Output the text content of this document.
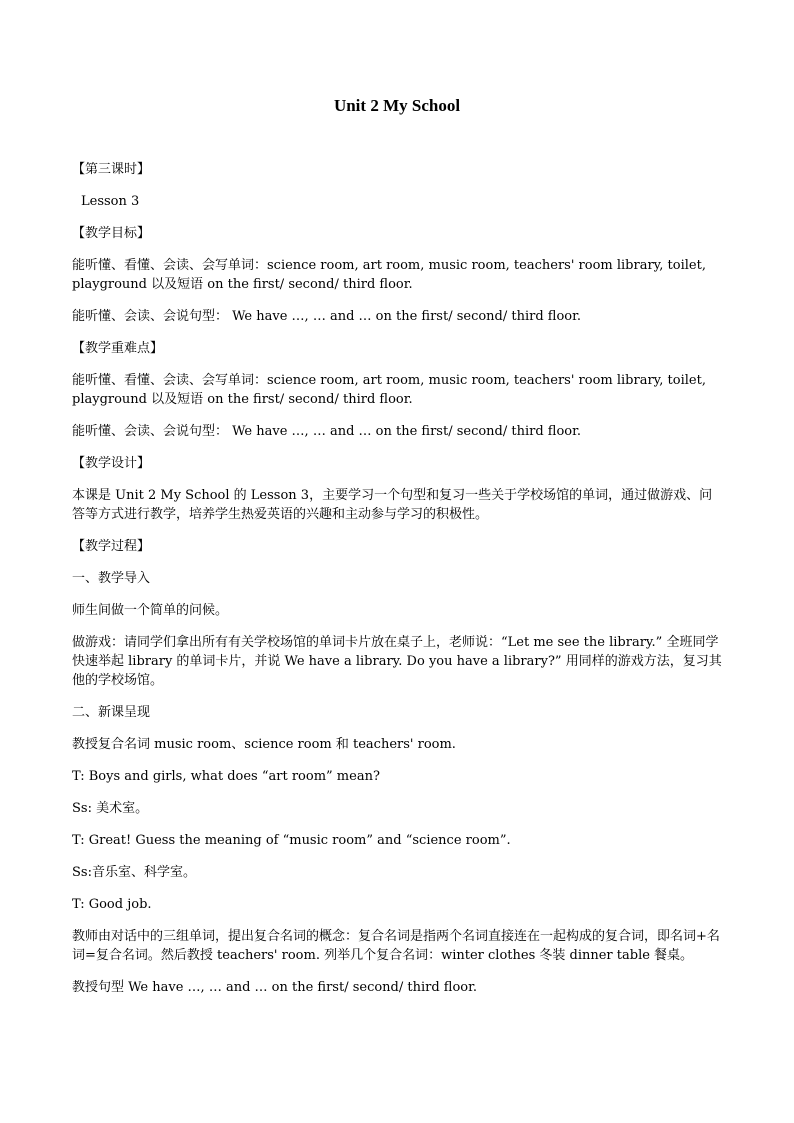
Unit 2 My School

【第三课时】

Lesson 3

【教学目标】

能听懂、看懂、会读、会写单词：science room, art room, music room, teachers' room library, toilet, playground 以及短语 on the first/ second/ third floor.

能听懂、会读、会说句型： We have …, … and … on the first/ second/ third floor.

【教学重难点】

能听懂、看懂、会读、会写单词：science room, art room, music room, teachers' room library, toilet, playground 以及短语 on the first/ second/ third floor.

能听懂、会读、会说句型： We have …, … and … on the first/ second/ third floor.

【教学设计】

本课是 Unit 2 My School 的 Lesson 3，主要学习一个句型和复习一些关于学校场馆的单词，通过做游戏、问答等方式进行教学，培养学生热爱英语的兴趣和主动参与学习的积极性。

【教学过程】

一、教学导入

师生间做一个简单的问候。

做游戏：请同学们拿出所有有关学校场馆的单词卡片放在桌子上，老师说：“Let me see the library.” 全班同学快速举起 library 的单词卡片，并说 We have a library. Do you have a library?” 用同样的游戏方法，复习其他的学校场馆。

二、新课呈现

教授复合名词 music room、science room 和 teachers' room.

T: Boys and girls, what does “art room” mean?

Ss: 美术室。

T: Great! Guess the meaning of “music room” and “science room”.

Ss:音乐室、科学室。

T: Good job.

教师由对话中的三组单词，提出复合名词的概念：复合名词是指两个名词直接连在一起构成的复合词，即名词+名词=复合名词。然后教授 teachers' room. 列举几个复合名词：winter clothes 冬装 dinner table 餐桌。

教授句型 We have …, … and … on the first/ second/ third floor.
